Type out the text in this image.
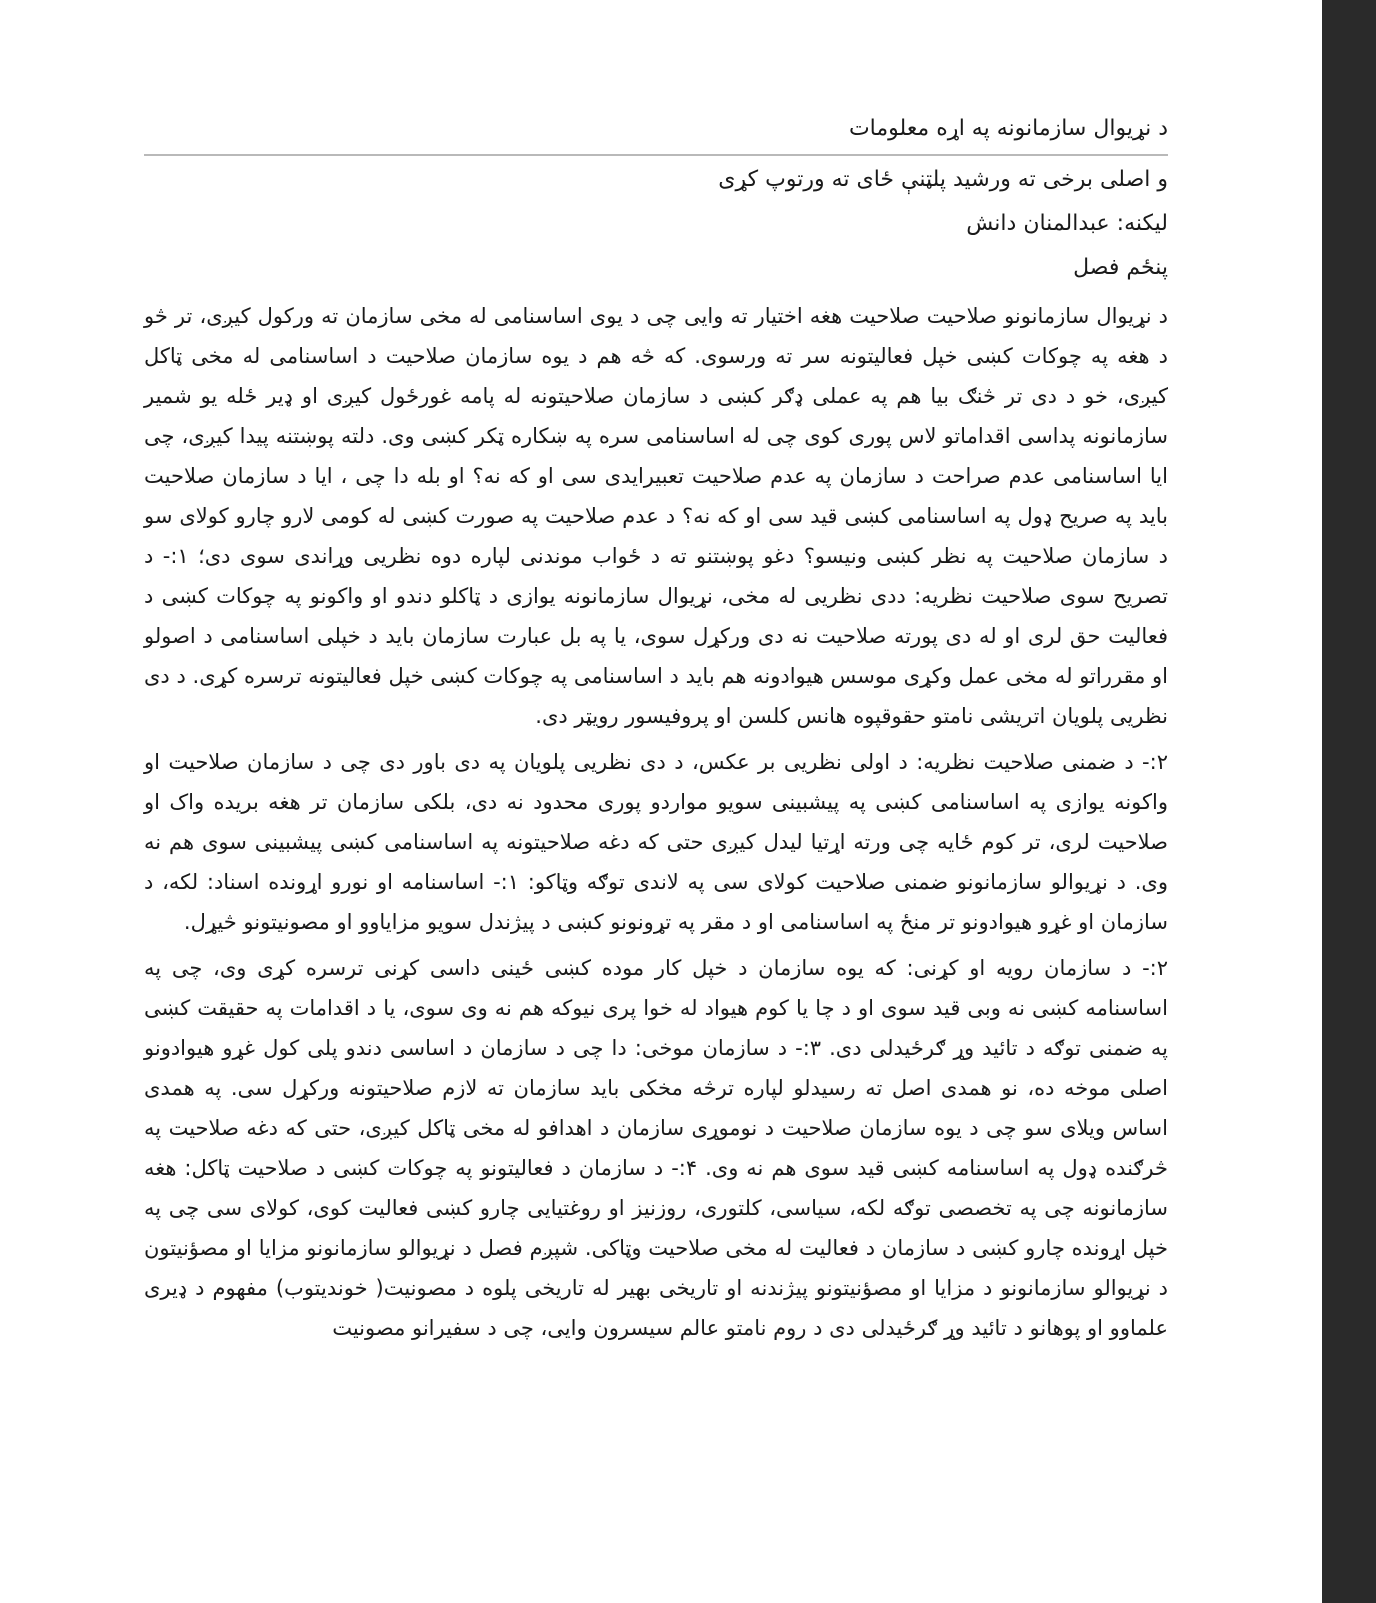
د نړیوال سازمانونه په اړه معلومات
و اصلی برخی ته ورشید پلټنې ځای ته ورتوپ کړی
لیکنه: عبدالمنان دانش
پنځم فصل

د نړیوال سازمانونو صلاحیت صلاحیت هغه اختیار ته وایی چی د یوی اساسنامی له مخی سازمان ته ورکول کیږی، تر څو د هغه په چوکات کښی خپل فعالیتونه سر ته ورسوی. که څه هم د یوه سازمان صلاحیت د اساسنامی له مخی ټاکل کیږی، خو د دی تر څنګ بیا هم په عملی ډګر کښی د سازمان صلاحیتونه له پامه غورځول کیږی او ډیر ځله یو شمیر سازمانونه پداسی اقداماتو لاس پوری کوی چی له اساسنامی سره په ښکاره ټکر کښی وی. دلته پوښتنه پیدا کیږی، چی ایا اساسنامی عدم صراحت د سازمان په عدم صلاحیت تعبیرایدی سی او که نه؟ او بله دا چی ، ایا د سازمان صلاحیت باید په صریح ډول په اساسنامی کښی قید سی او که نه؟ د عدم صلاحیت په صورت کښی له کومی لارو چارو کولای سو د سازمان صلاحیت په نظر کښی ونیسو؟ دغو پوښتنو ته د ځواب موندنی لپاره دوه نظریی وړاندی سوی دی؛ ۱:- د تصریح سوی صلاحیت نظریه: ددی نظریی له مخی، نړیوال سازمانونه یوازی د ټاکلو دندو او واکونو په چوکات کښی د فعالیت حق لری او له دی پورته صلاحیت نه دی ورکړل سوی، یا په بل عبارت سازمان باید د خپلی اساسنامی د اصولو او مقرراتو له مخی عمل وکړی موسس هیوادونه هم باید د اساسنامی په چوکات کښی خپل فعالیتونه ترسره کړی. د دی نظریی پلویان اتریشی نامتو حقوقپوه هانس کلسن او پروفیسور رویټر دی.

۲:- د ضمنی صلاحیت نظریه: د اولی نظریی بر عکس، د دی نظریی پلویان په دی باور دی چی د سازمان صلاحیت او واکونه یوازی په اساسنامی کښی په پیشبینی سویو مواردو پوری محدود نه دی، بلکی سازمان تر هغه بریده واک او صلاحیت لری، تر کوم ځایه چی ورته اړتیا لیدل کیږی حتی که دغه صلاحیتونه په اساسنامی کښی پیشبینی سوی هم نه وی. د نړیوالو سازمانونو ضمنی صلاحیت کولای سی په لاندی توګه وټاکو: ۱:- اساسنامه او نورو اړونده اسناد: لکه، د سازمان او غړو هیوادونو تر منځ په اساسنامی او د مقر په تړونونو کښی د پیژندل سویو مزایاوو او مصونیتونو څیړل.

۲:- د سازمان رویه او کړنی: که یوه سازمان د خپل کار موده کښی ځینی داسی کړنی ترسره کړی وی، چی په اساسنامه کښی نه وبی قید سوی او د چا یا کوم هیواد له خوا پری نیوکه هم نه وی سوی، یا د اقدامات په حقیقت کښی په ضمنی توګه د تائید وړ ګرځیدلی دی. ۳:- د سازمان موخی: دا چی د سازمان د اساسی دندو پلی کول غړو هیوادونو اصلی موخه ده، نو همدی اصل ته رسیدلو لپاره ترڅه مخکی باید سازمان ته لازم صلاحیتونه ورکړل سی. په همدی اساس ویلای سو چی د یوه سازمان صلاحیت د نوموړی سازمان د اهدافو له مخی ټاکل کیږی، حتی که دغه صلاحیت په څرګنده ډول په اساسنامه کښی قید سوی هم نه وی. ۴:- د سازمان د فعالیتونو په چوکات کښی د صلاحیت ټاکل: هغه سازمانونه چی په تخصصی توګه لکه، سیاسی، کلتوری، روزنیز او روغتیایی چارو کښی فعالیت کوی، کولای سی چی په خپل اړونده چارو کښی د سازمان د فعالیت له مخی صلاحیت وټاکی. شپږم فصل د نړیوالو سازمانونو مزایا او مصؤنیتون د نړیوالو سازمانونو د مزایا او مصؤنیتونو پیژندنه او تاریخی بهیر له تاریخی پلوه د مصونیت( خوندیتوب) مفهوم د ډیری علماوو او پوهانو د تائید وړ ګرځیدلی دی د روم نامتو عالم سیسرون وایی، چی د سفیرانو مصونیت
